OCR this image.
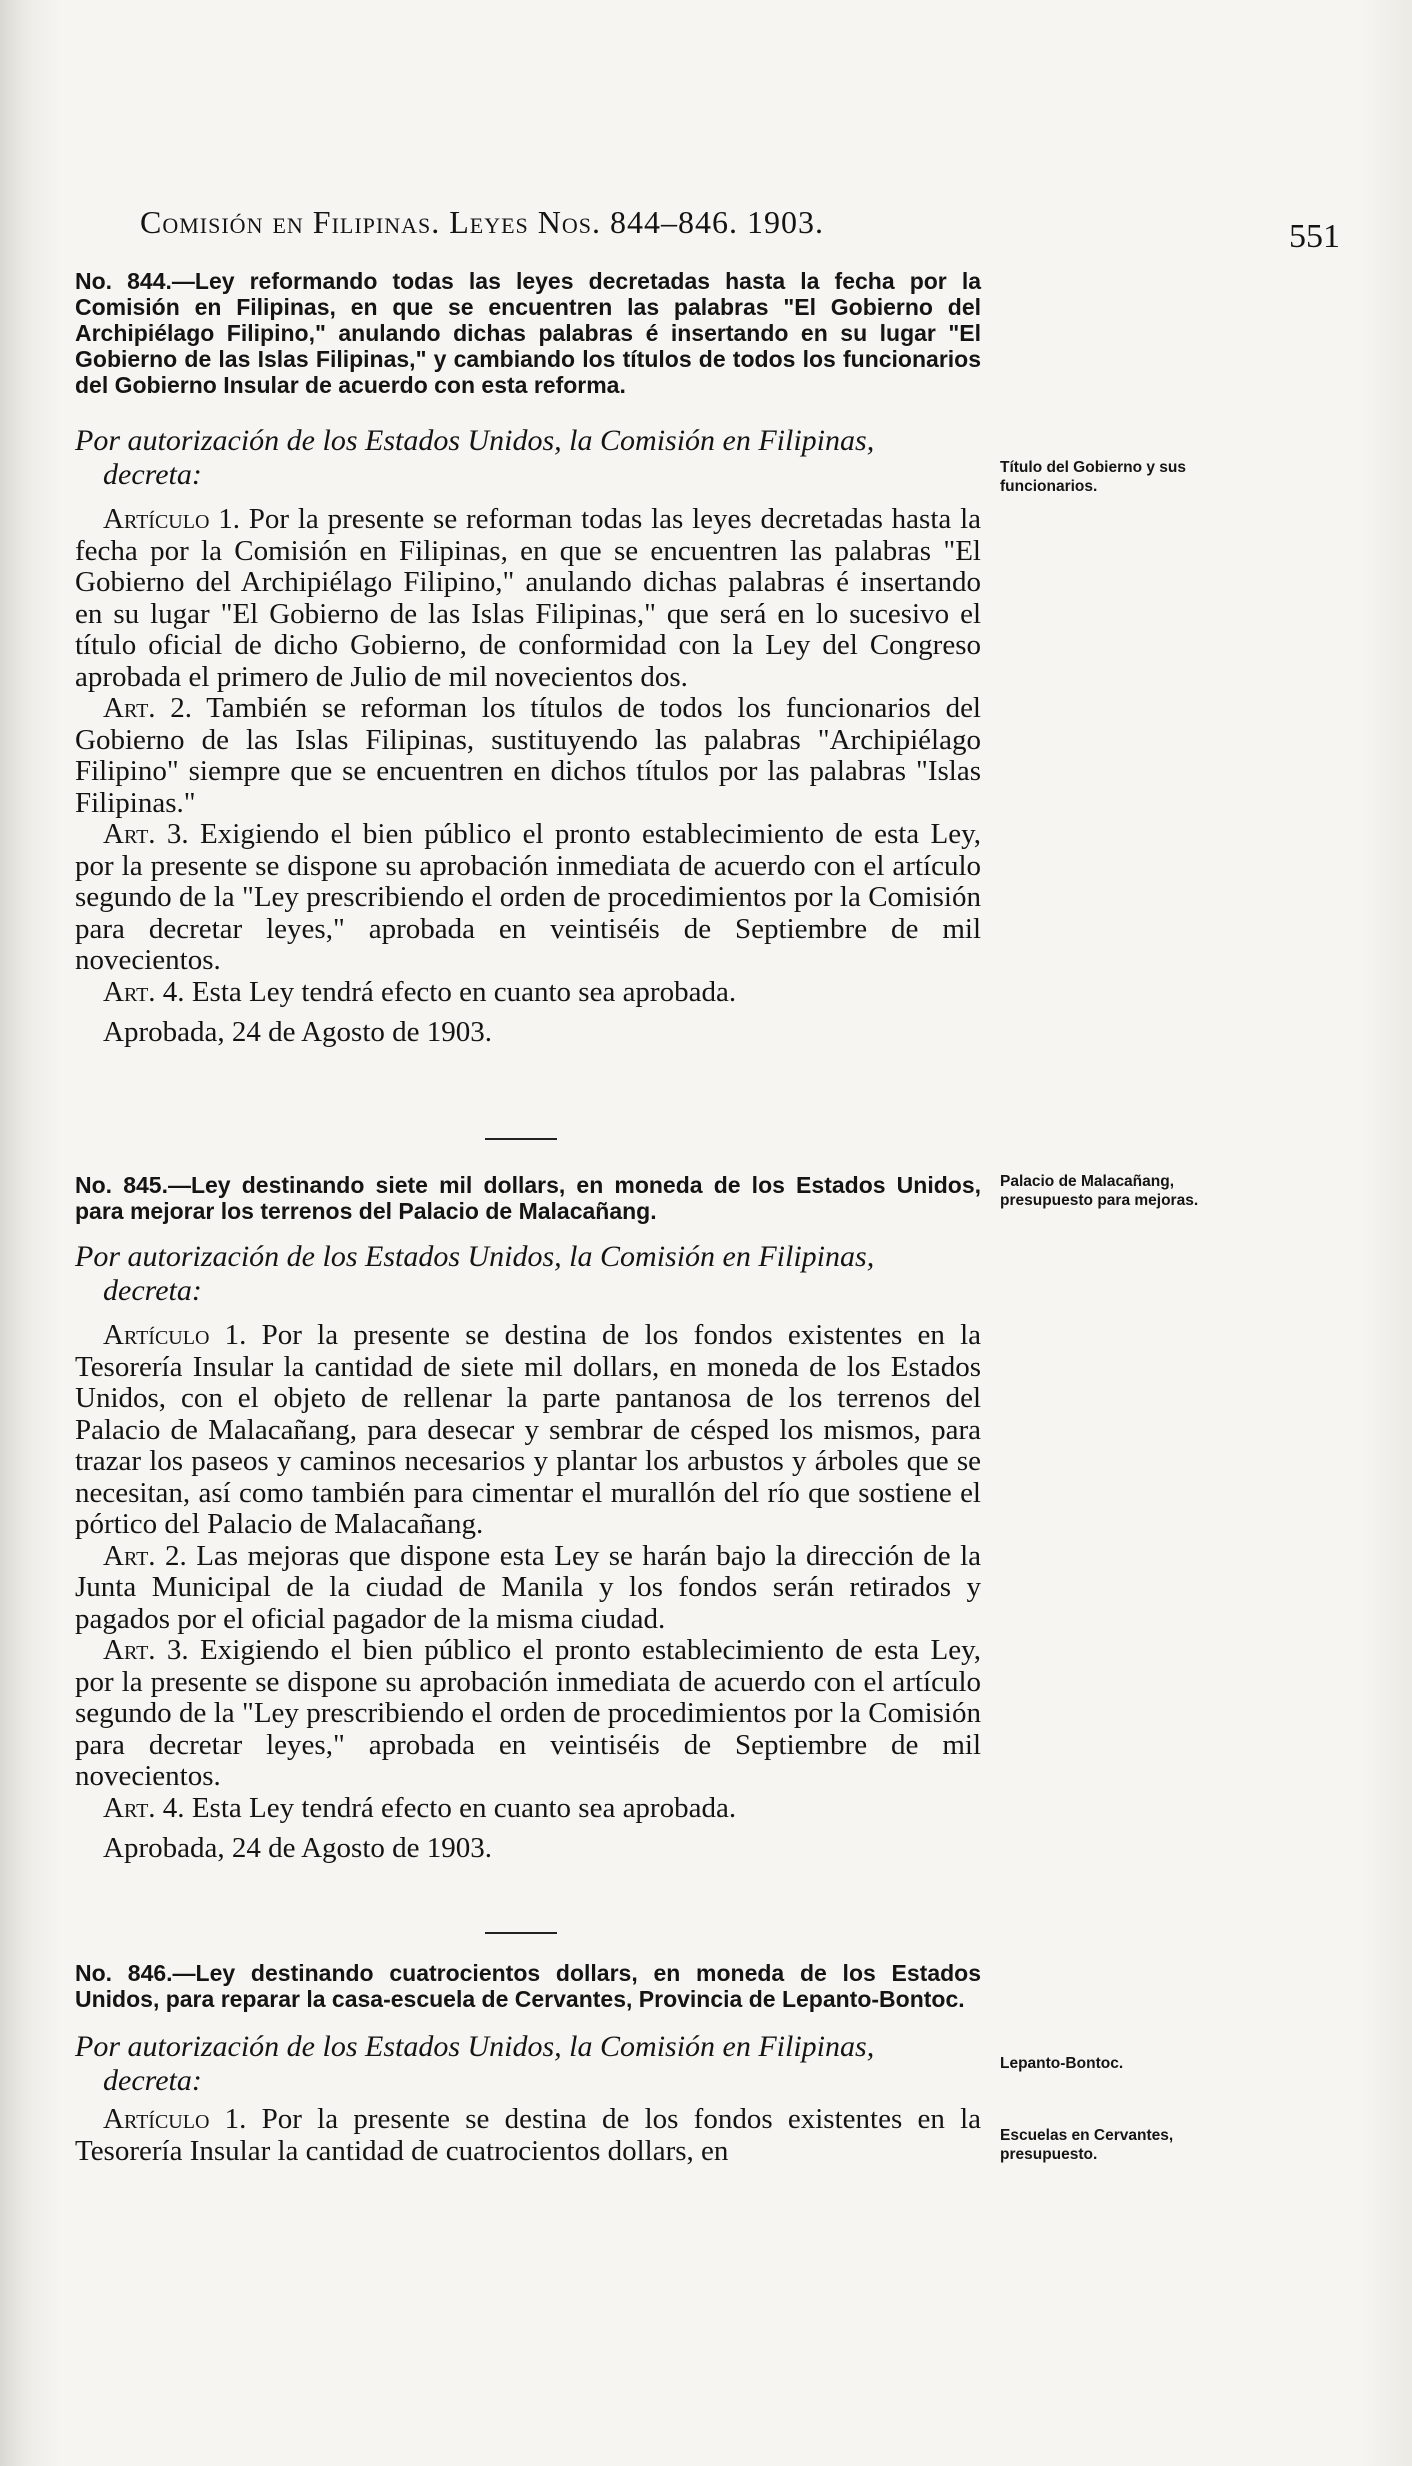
Comisión en Filipinas. Leyes Nos. 844–846. 1903.	551

No. 844.—Ley reformando todas las leyes decretadas hasta la fecha por la Comisión en Filipinas, en que se encuentren las palabras "El Gobierno del Archipiélago Filipino," anulando dichas palabras é insertando en su lugar "El Gobierno de las Islas Filipinas," y cambiando los títulos de todos los funcionarios del Gobierno Insular de acuerdo con esta reforma.

Por autorización de los Estados Unidos, la Comisión en Filipinas,
decreta:

Artículo 1. Por la presente se reforman todas las leyes decretadas hasta la fecha por la Comisión en Filipinas, en que se encuentren las palabras "El Gobierno del Archipiélago Filipino," anulando dichas palabras é insertando en su lugar "El Gobierno de las Islas Filipinas," que será en lo sucesivo el título oficial de dicho Gobierno, de conformidad con la Ley del Congreso aprobada el primero de Julio de mil novecientos dos.

Art. 2. También se reforman los títulos de todos los funcionarios del Gobierno de las Islas Filipinas, sustituyendo las palabras "Archipiélago Filipino" siempre que se encuentren en dichos títulos por las palabras "Islas Filipinas."

Art. 3. Exigiendo el bien público el pronto establecimiento de esta Ley, por la presente se dispone su aprobación inmediata de acuerdo con el artículo segundo de la "Ley prescribiendo el orden de procedimientos por la Comisión para decretar leyes," aprobada en veintiséis de Septiembre de mil novecientos.

Art. 4. Esta Ley tendrá efecto en cuanto sea aprobada.

Aprobada, 24 de Agosto de 1903.

Título del Gobierno y sus funcionarios.

No. 845.—Ley destinando siete mil dollars, en moneda de los Estados Unidos, para mejorar los terrenos del Palacio de Malacañang.

Por autorización de los Estados Unidos, la Comisión en Filipinas,
decreta:

Artículo 1. Por la presente se destina de los fondos existentes en la Tesorería Insular la cantidad de siete mil dollars, en moneda de los Estados Unidos, con el objeto de rellenar la parte pantanosa de los terrenos del Palacio de Malacañang, para desecar y sembrar de césped los mismos, para trazar los paseos y caminos necesarios y plantar los arbustos y árboles que se necesitan, así como también para cimentar el murallón del río que sostiene el pórtico del Palacio de Malacañang.

Art. 2. Las mejoras que dispone esta Ley se harán bajo la dirección de la Junta Municipal de la ciudad de Manila y los fondos serán retirados y pagados por el oficial pagador de la misma ciudad.

Art. 3. Exigiendo el bien público el pronto establecimiento de esta Ley, por la presente se dispone su aprobación inmediata de acuerdo con el artículo segundo de la "Ley prescribiendo el orden de procedimientos por la Comisión para decretar leyes," aprobada en veintiséis de Septiembre de mil novecientos.

Art. 4. Esta Ley tendrá efecto en cuanto sea aprobada.

Aprobada, 24 de Agosto de 1903.

Palacio de Malacañang, presupuesto para mejoras.

No. 846.—Ley destinando cuatrocientos dollars, en moneda de los Estados Unidos, para reparar la casa-escuela de Cervantes, Provincia de Lepanto-Bontoc.

Por autorización de los Estados Unidos, la Comisión en Filipinas,
decreta:

Artículo 1. Por la presente se destina de los fondos existentes en la Tesorería Insular la cantidad de cuatrocientos dollars, en

Lepanto-Bontoc.
Escuelas en Cervantes, presupuesto.
